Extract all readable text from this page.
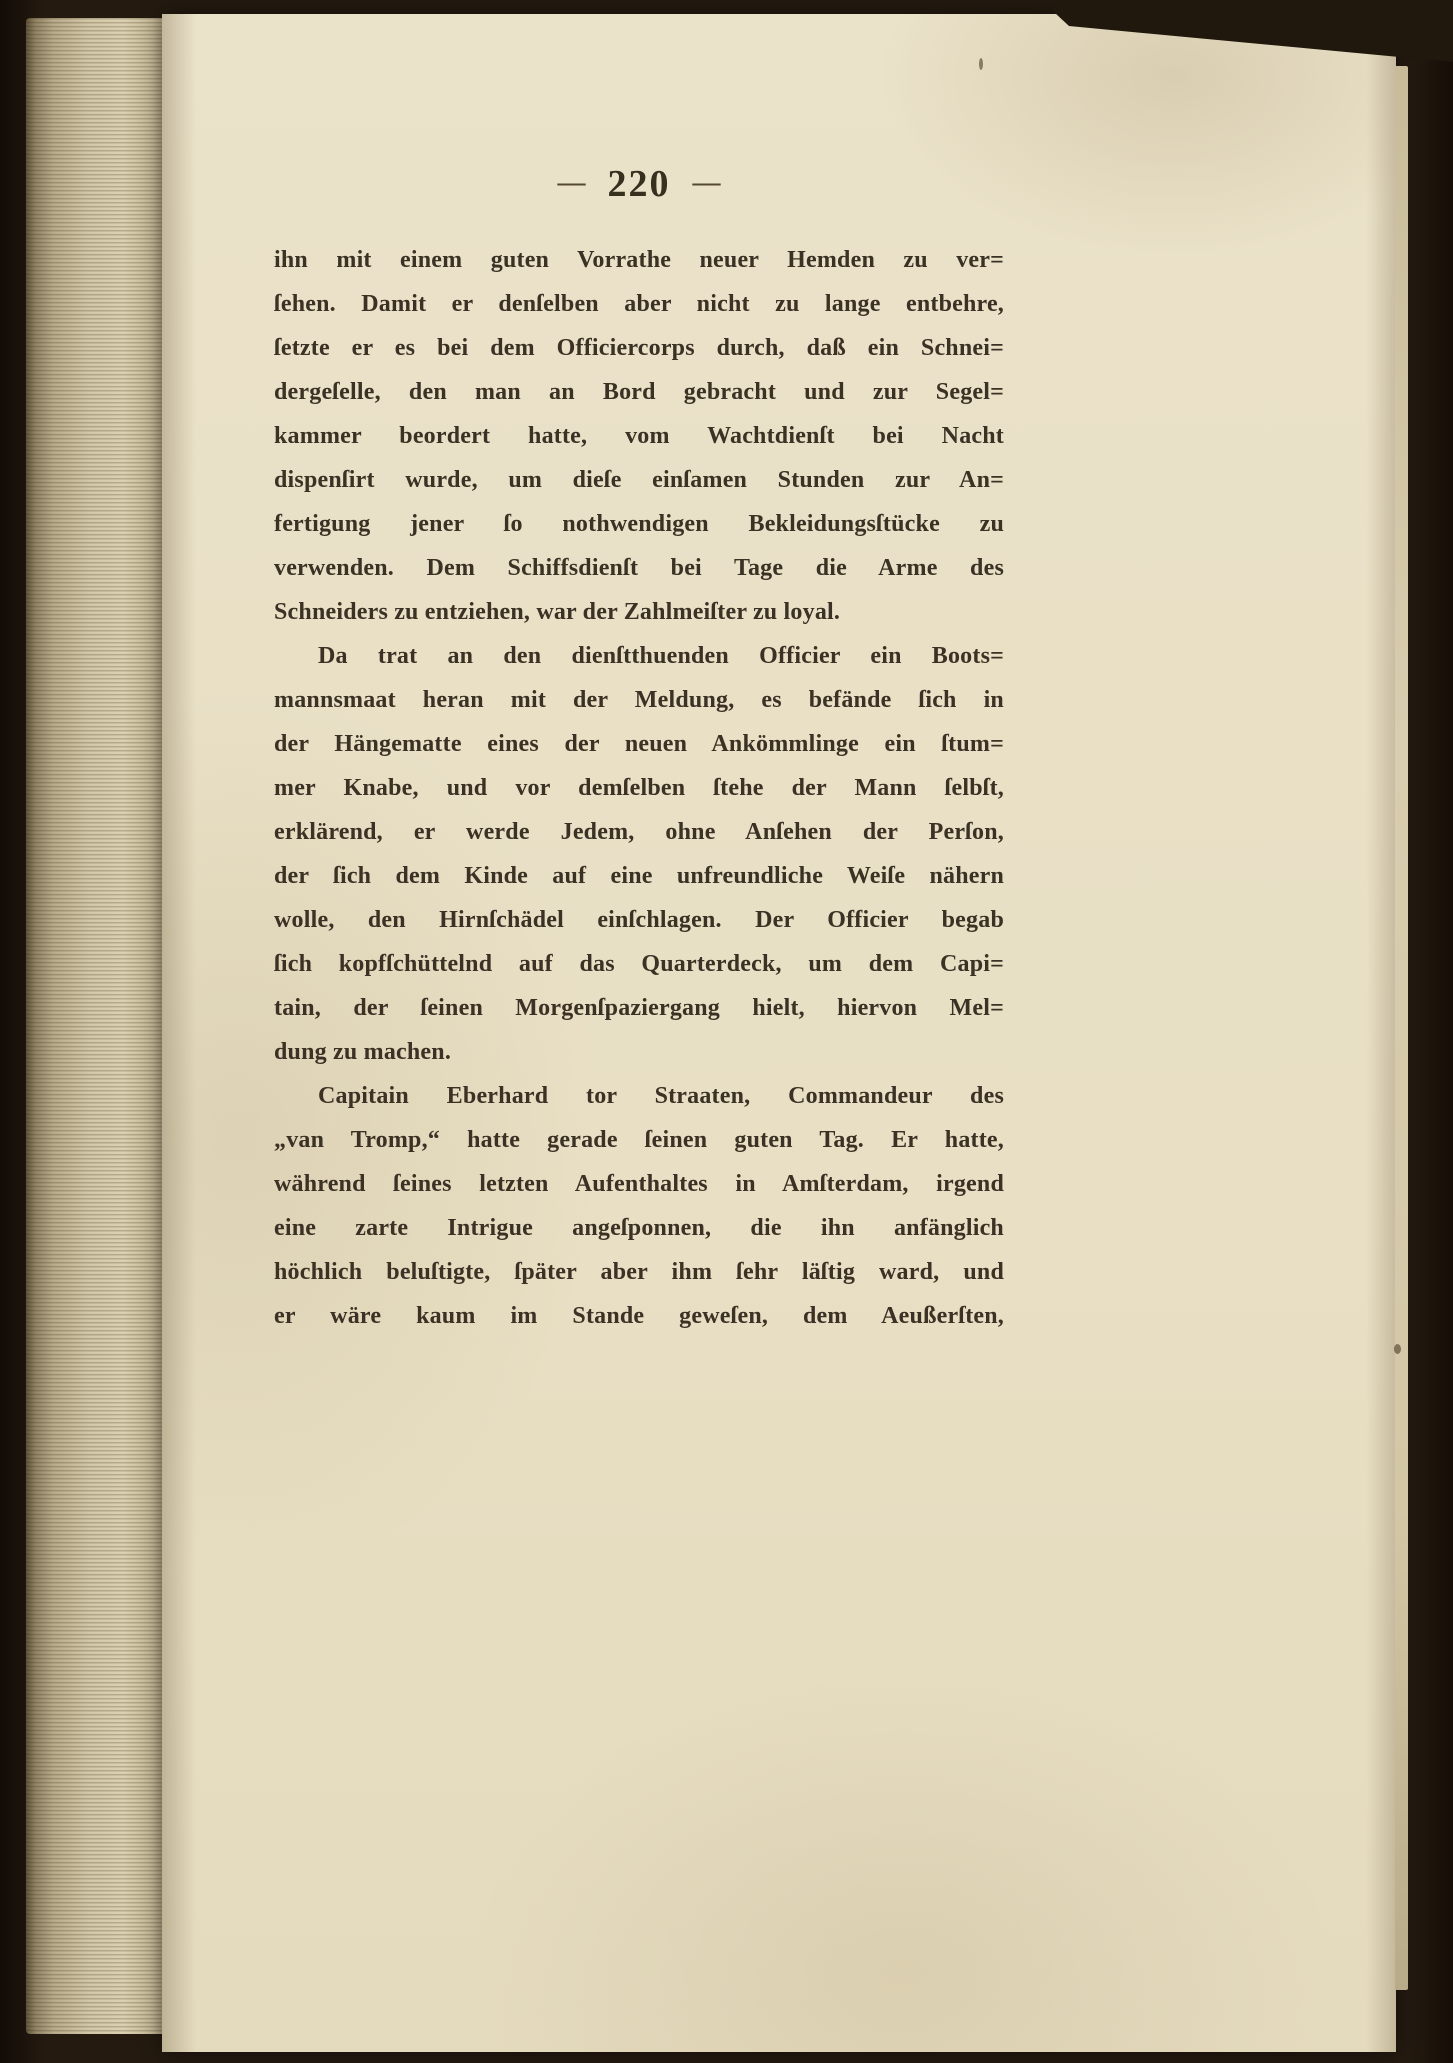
— 220 —
ihn mit einem guten Vorrathe neuer Hemden zu ver=
ſehen. Damit er denſelben aber nicht zu lange entbehre,
ſetzte er es bei dem Officiercorps durch, daß ein Schnei=
dergeſelle, den man an Bord gebracht und zur Segel=
kammer beordert hatte, vom Wachtdienſt bei Nacht
dispenſirt wurde, um dieſe einſamen Stunden zur An=
fertigung jener ſo nothwendigen Bekleidungsſtücke zu
verwenden. Dem Schiffsdienſt bei Tage die Arme des
Schneiders zu entziehen, war der Zahlmeiſter zu loyal.
Da trat an den dienſtthuenden Officier ein Boots=
mannsmaat heran mit der Meldung, es befände ſich in
der Hängematte eines der neuen Ankömmlinge ein ſtum=
mer Knabe, und vor demſelben ſtehe der Mann ſelbſt,
erklärend, er werde Jedem, ohne Anſehen der Perſon,
der ſich dem Kinde auf eine unfreundliche Weiſe nähern
wolle, den Hirnſchädel einſchlagen. Der Officier begab
ſich kopfſchüttelnd auf das Quarterdeck, um dem Capi=
tain, der ſeinen Morgenſpaziergang hielt, hiervon Mel=
dung zu machen.
Capitain Eberhard tor Straaten, Commandeur des
„van Tromp,“ hatte gerade ſeinen guten Tag. Er hatte,
während ſeines letzten Aufenthaltes in Amſterdam, irgend
eine zarte Intrigue angeſponnen, die ihn anfänglich
höchlich beluſtigte, ſpäter aber ihm ſehr läſtig ward, und
er wäre kaum im Stande geweſen, dem Aeußerſten,
